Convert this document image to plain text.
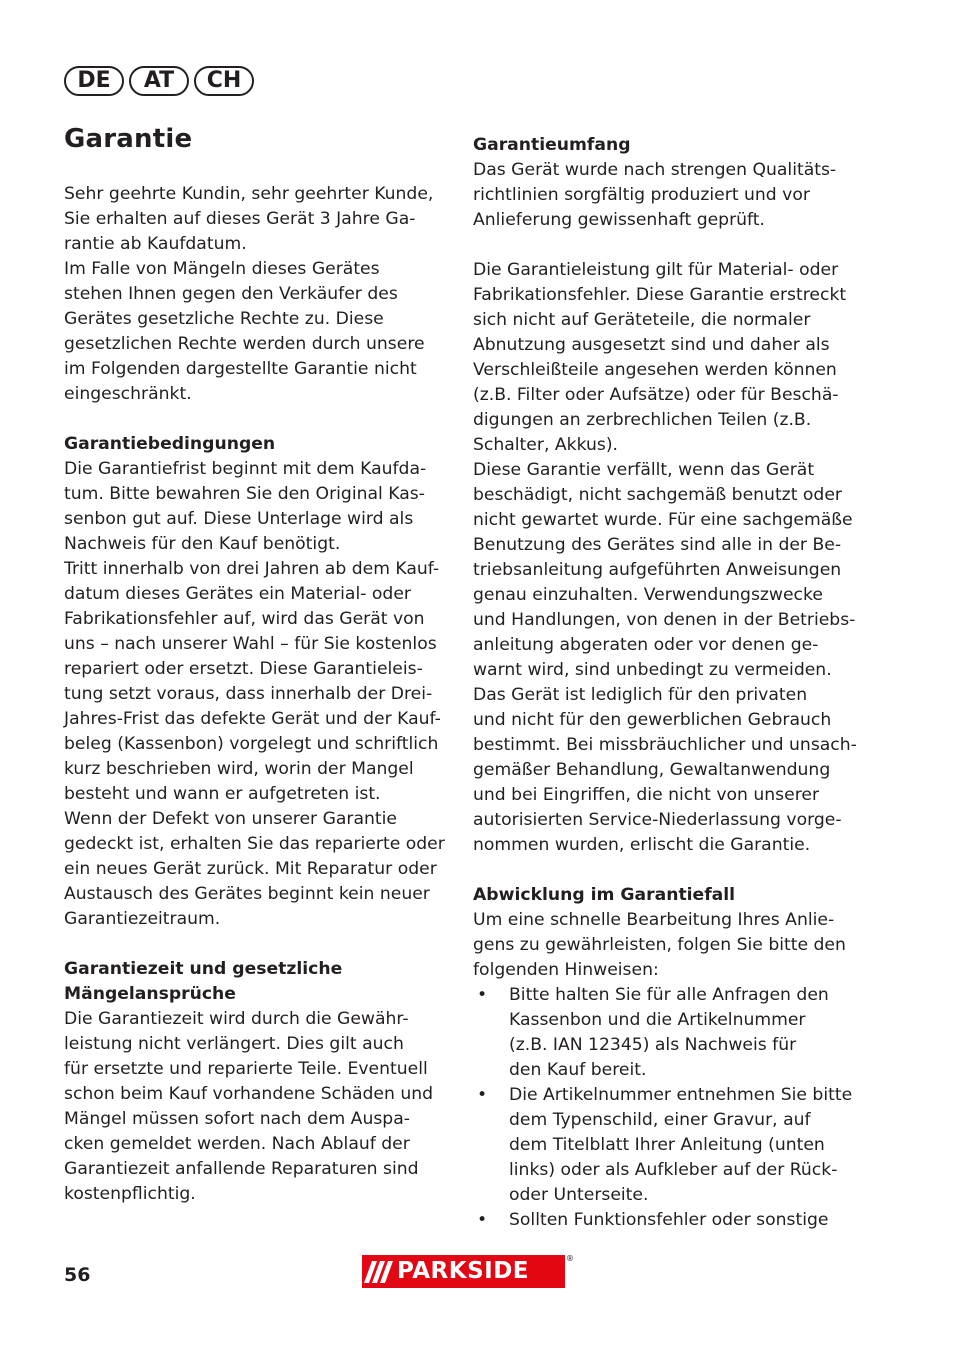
DE	AT	CH
Garantie

Sehr geehrte Kundin, sehr geehrter Kunde,
Sie erhalten auf dieses Gerät 3 Jahre Ga-
rantie ab Kaufdatum.
Im Falle von Mängeln dieses Gerätes
stehen Ihnen gegen den Verkäufer des
Gerätes gesetzliche Rechte zu. Diese
gesetzlichen Rechte werden durch unsere
im Folgenden dargestellte Garantie nicht
eingeschränkt.

Garantiebedingungen

Die Garantiefrist beginnt mit dem Kaufda-
tum. Bitte bewahren Sie den Original Kas-
senbon gut auf. Diese Unterlage wird als
Nachweis für den Kauf benötigt.
Tritt innerhalb von drei Jahren ab dem Kauf-
datum dieses Gerätes ein Material- oder
Fabrikationsfehler auf, wird das Gerät von
uns – nach unserer Wahl – für Sie kostenlos
repariert oder ersetzt. Diese Garantieleis-
tung setzt voraus, dass innerhalb der Drei-
Jahres-Frist das defekte Gerät und der Kauf-
beleg (Kassenbon) vorgelegt und schriftlich
kurz beschrieben wird, worin der Mangel
besteht und wann er aufgetreten ist.
Wenn der Defekt von unserer Garantie
gedeckt ist, erhalten Sie das reparierte oder
ein neues Gerät zurück. Mit Reparatur oder
Austausch des Gerätes beginnt kein neuer
Garantiezeitraum.

Garantiezeit und gesetzliche
Mängelansprüche

Die Garantiezeit wird durch die Gewähr-
leistung nicht verlängert. Dies gilt auch
für ersetzte und reparierte Teile. Eventuell
schon beim Kauf vorhandene Schäden und
Mängel müssen sofort nach dem Auspa-
cken gemeldet werden. Nach Ablauf der
Garantiezeit anfallende Reparaturen sind
kostenpflichtig.

Garantieumfang

Das Gerät wurde nach strengen Qualitäts-
richtlinien sorgfältig produziert und vor
Anlieferung gewissenhaft geprüft.

Die Garantieleistung gilt für Material- oder
Fabrikationsfehler. Diese Garantie erstreckt
sich nicht auf Geräteteile, die normaler
Abnutzung ausgesetzt sind und daher als
Verschleißteile angesehen werden können
(z.B. Filter oder Aufsätze) oder für Beschä-
digungen an zerbrechlichen Teilen (z.B.
Schalter, Akkus).
Diese Garantie verfällt, wenn das Gerät
beschädigt, nicht sachgemäß benutzt oder
nicht gewartet wurde. Für eine sachgemäße
Benutzung des Gerätes sind alle in der Be-
triebsanleitung aufgeführten Anweisungen
genau einzuhalten. Verwendungszwecke
und Handlungen, von denen in der Betriebs-
anleitung abgeraten oder vor denen ge-
warnt wird, sind unbedingt zu vermeiden.
Das Gerät ist lediglich für den privaten
und nicht für den gewerblichen Gebrauch
bestimmt. Bei missbräuchlicher und unsach-
gemäßer Behandlung, Gewaltanwendung
und bei Eingriffen, die nicht von unserer
autorisierten Service-Niederlassung vorge-
nommen wurden, erlischt die Garantie.

Abwicklung im Garantiefall

Um eine schnelle Bearbeitung Ihres Anlie-
gens zu gewährleisten, folgen Sie bitte den
folgenden Hinweisen:

• Bitte halten Sie für alle Anfragen den
Kassenbon und die Artikelnummer
(z.B. IAN 12345) als Nachweis für
den Kauf bereit.
• Die Artikelnummer entnehmen Sie bitte
dem Typenschild, einer Gravur, auf
dem Titelblatt Ihrer Anleitung (unten
links) oder als Aufkleber auf der Rück-
oder Unterseite.
• Sollten Funktionsfehler oder sonstige
56	PARKSIDE	®
